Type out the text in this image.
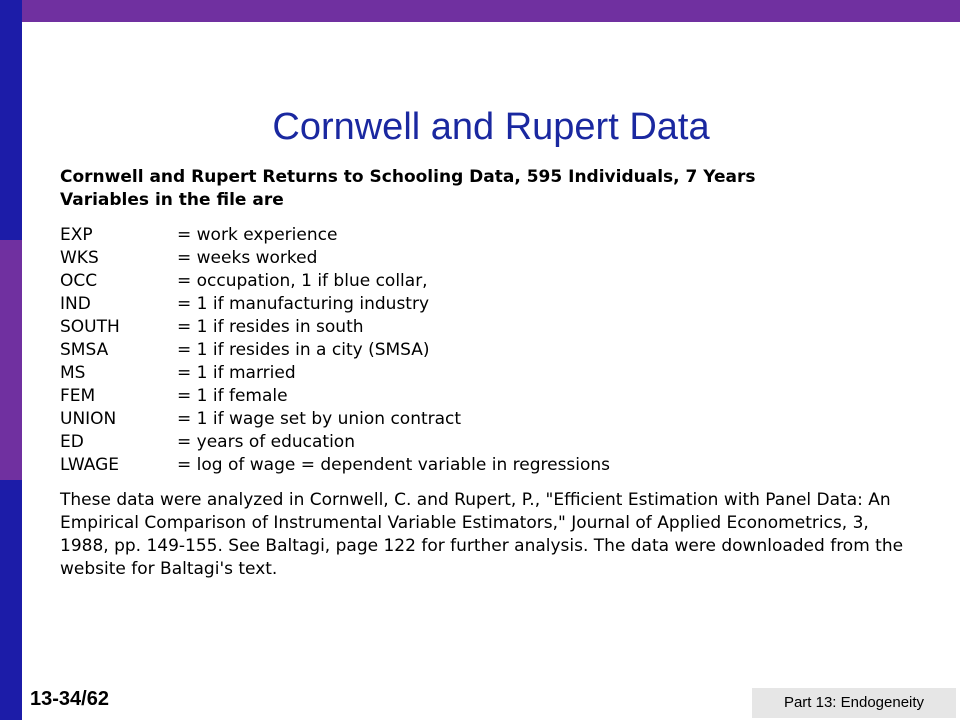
Cornwell and Rupert Data

Cornwell and Rupert Returns to Schooling Data, 595 Individuals, 7 Years
Variables in the file are

EXP	= work experience
WKS	= weeks worked
OCC	= occupation, 1 if blue collar,
IND	= 1 if manufacturing industry
SOUTH	= 1 if resides in south
SMSA	= 1 if resides in a city (SMSA)
MS	= 1 if married
FEM	= 1 if female
UNION	= 1 if wage set by union contract
ED	= years of education
LWAGE	= log of wage = dependent variable in regressions

These data were analyzed in Cornwell, C. and Rupert, P., "Efficient Estimation with Panel Data: An Empirical Comparison of Instrumental Variable Estimators," Journal of Applied Econometrics, 3, 1988, pp. 149-155. See Baltagi, page 122 for further analysis. The data were downloaded from the website for Baltagi's text.

13-34/62	Part 13: Endogeneity
